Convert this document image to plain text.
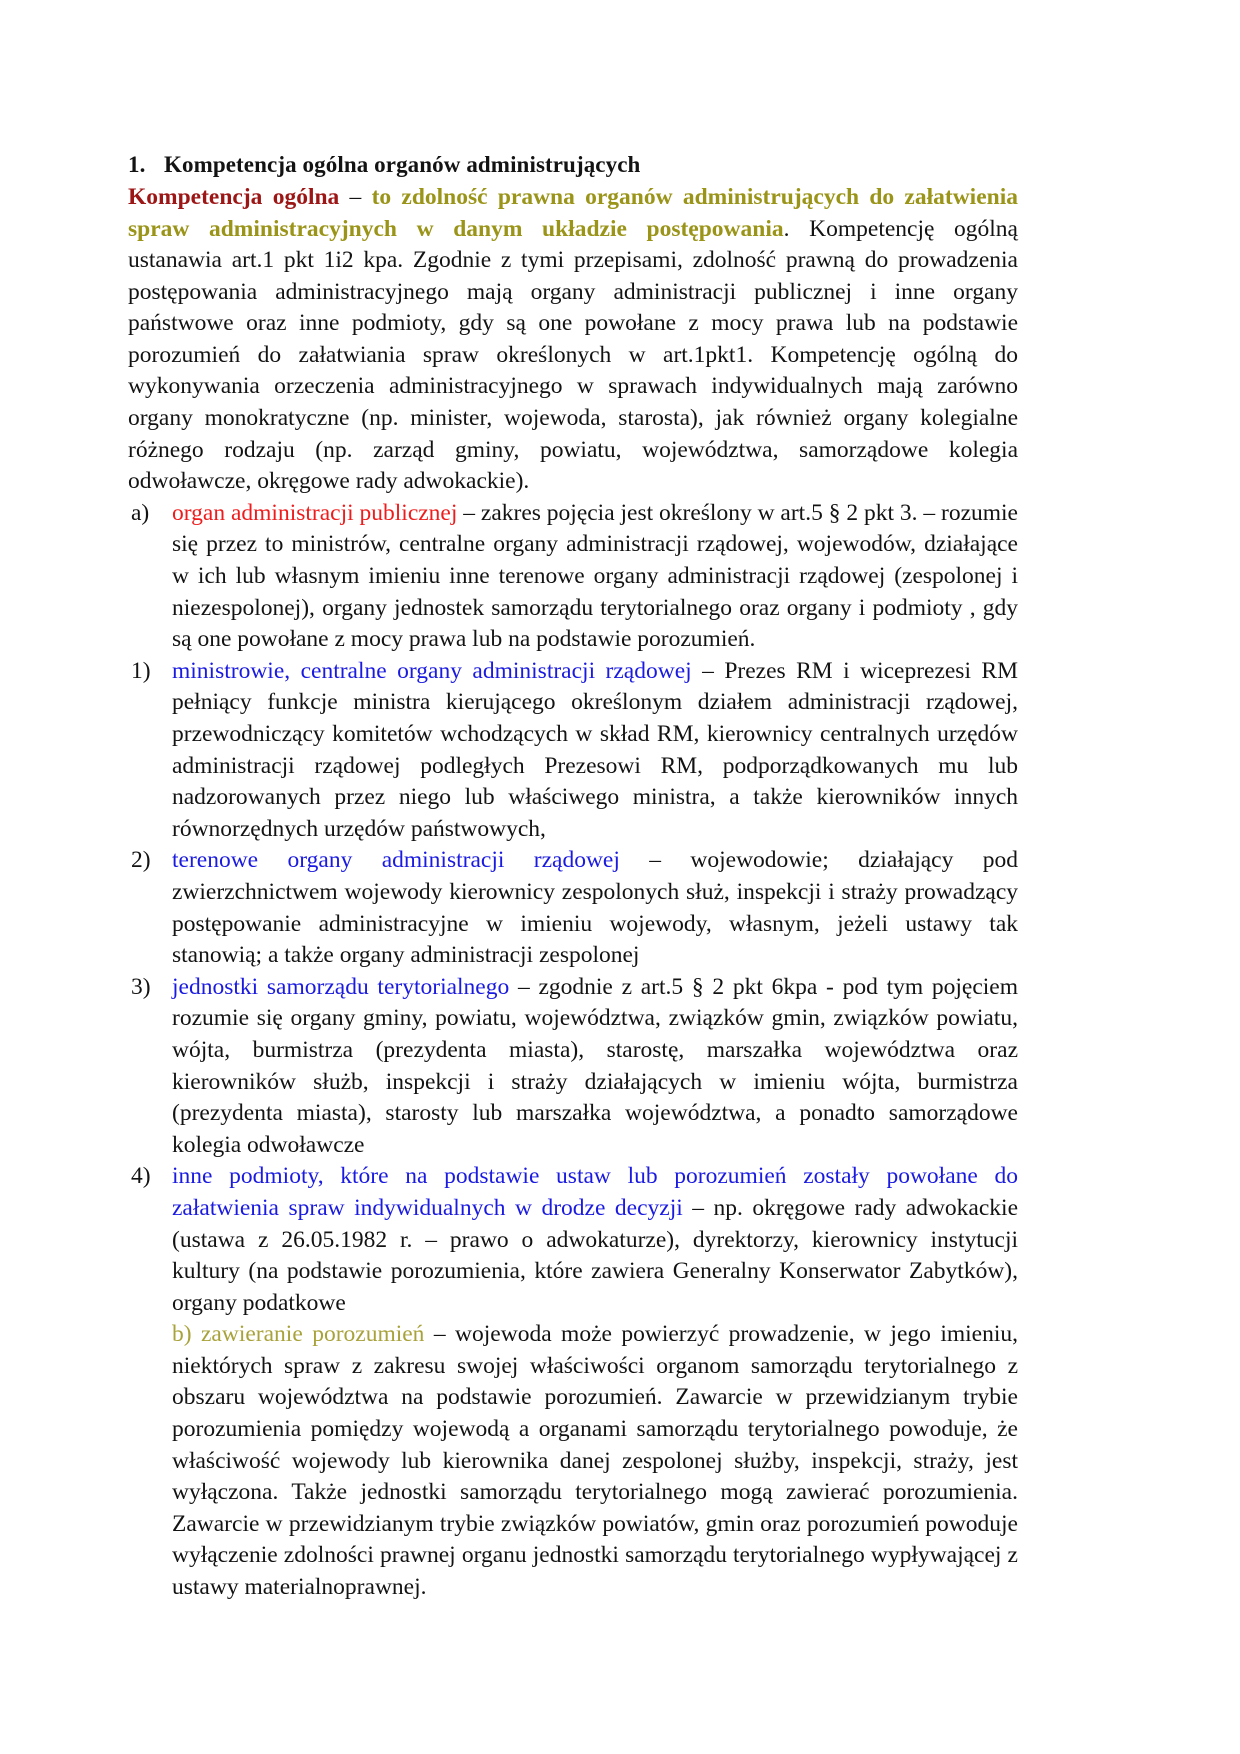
1. Kompetencja ogólna organów administrujących

Kompetencja ogólna – to zdolność prawna organów administrujących do załatwienia spraw administracyjnych w danym układzie postępowania. Kompetencję ogólną ustanawia art.1 pkt 1i2 kpa. Zgodnie z tymi przepisami, zdolność prawną do prowadzenia postępowania administracyjnego mają organy administracji publicznej i inne organy państwowe oraz inne podmioty, gdy są one powołane z mocy prawa lub na podstawie porozumień do załatwiania spraw określonych w art.1pkt1. Kompetencję ogólną do wykonywania orzeczenia administracyjnego w sprawach indywidualnych mają zarówno organy monokratyczne (np. minister, wojewoda, starosta), jak również organy kolegialne różnego rodzaju (np. zarząd gminy, powiatu, województwa, samorządowe kolegia odwoławcze, okręgowe rady adwokackie).

a) organ administracji publicznej – zakres pojęcia jest określony w art.5 § 2 pkt 3. – rozumie się przez to ministrów, centralne organy administracji rządowej, wojewodów, działające w ich lub własnym imieniu inne terenowe organy administracji rządowej (zespolonej i niezespolonej), organy jednostek samorządu terytorialnego oraz organy i podmioty , gdy są one powołane z mocy prawa lub na podstawie porozumień.
1) ministrowie, centralne organy administracji rządowej – Prezes RM i wiceprezesi RM pełniący funkcje ministra kierującego określonym działem administracji rządowej, przewodniczący komitetów wchodzących w skład RM, kierownicy centralnych urzędów administracji rządowej podległych Prezesowi RM, podporządkowanych mu lub nadzorowanych przez niego lub właściwego ministra, a także kierowników innych równorzędnych urzędów państwowych,
2) terenowe organy administracji rządowej – wojewodowie; działający pod zwierzchnictwem wojewody kierownicy zespolonych służ, inspekcji i straży prowadzący postępowanie administracyjne w imieniu wojewody, własnym, jeżeli ustawy tak stanowią; a także organy administracji zespolonej
3) jednostki samorządu terytorialnego – zgodnie z art.5 § 2 pkt 6kpa - pod tym pojęciem rozumie się organy gminy, powiatu, województwa, związków gmin, związków powiatu, wójta, burmistrza (prezydenta miasta), starostę, marszałka województwa oraz kierowników służb, inspekcji i straży działających w imieniu wójta, burmistrza (prezydenta miasta), starosty lub marszałka województwa, a ponadto samorządowe kolegia odwoławcze
4) inne podmioty, które na podstawie ustaw lub porozumień zostały powołane do załatwienia spraw indywidualnych w drodze decyzji – np. okręgowe rady adwokackie (ustawa z 26.05.1982 r. – prawo o adwokaturze), dyrektorzy, kierownicy instytucji kultury (na podstawie porozumienia, które zawiera Generalny Konserwator Zabytków), organy podatkowe

b) zawieranie porozumień – wojewoda może powierzyć prowadzenie, w jego imieniu, niektórych spraw z zakresu swojej właściwości organom samorządu terytorialnego z obszaru województwa na podstawie porozumień. Zawarcie w przewidzianym trybie porozumienia pomiędzy wojewodą a organami samorządu terytorialnego powoduje, że właściwość wojewody lub kierownika danej zespolonej służby, inspekcji, straży, jest wyłączona. Także jednostki samorządu terytorialnego mogą zawierać porozumienia. Zawarcie w przewidzianym trybie związków powiatów, gmin oraz porozumień powoduje wyłączenie zdolności prawnej organu jednostki samorządu terytorialnego wypływającej z ustawy materialnoprawnej.
